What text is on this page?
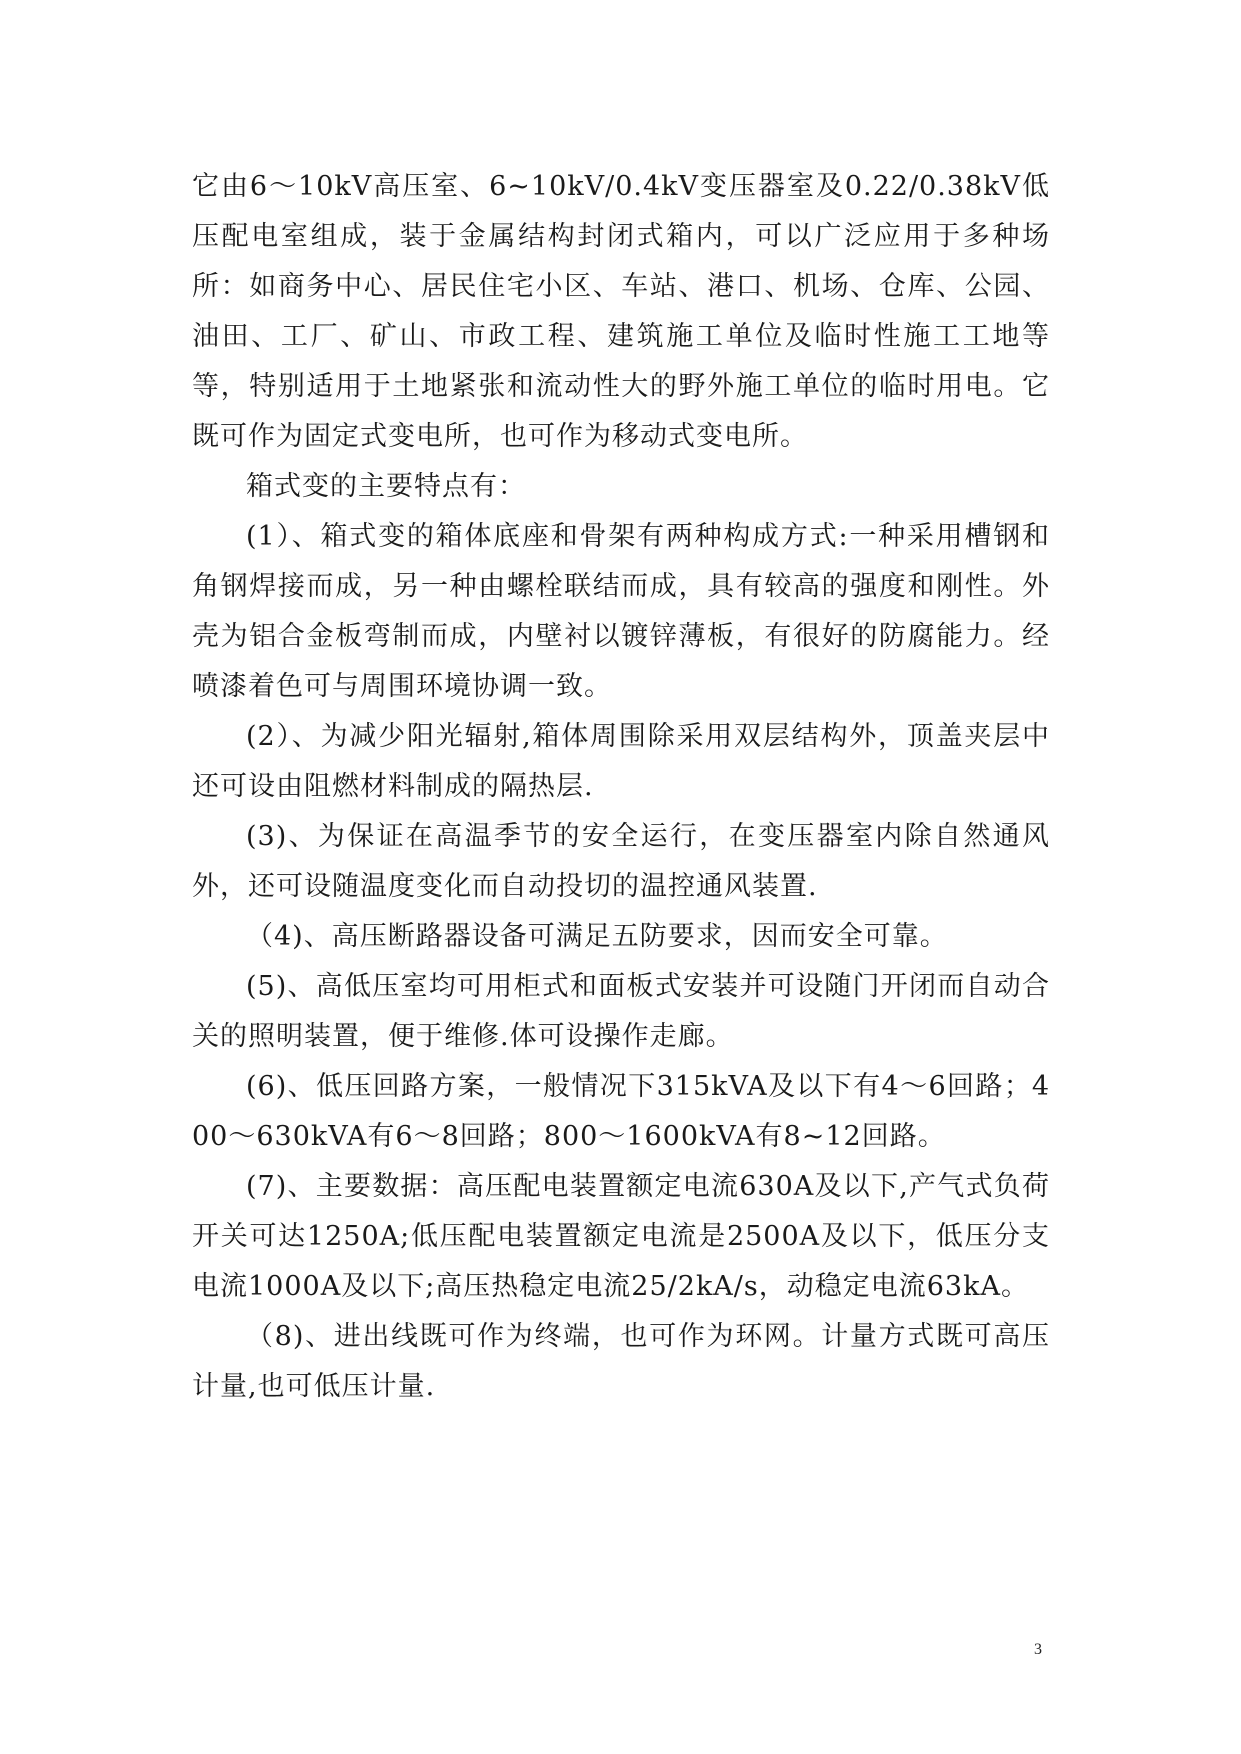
它由6～10kV高压室、6~10kV/0.4kV变压器室及0.22/0.38kV低压配电室组成，装于金属结构封闭式箱内，可以广泛应用于多种场所：如商务中心、居民住宅小区、车站、港口、机场、仓库、公园、油田、工厂、矿山、市政工程、建筑施工单位及临时性施工工地等等，特别适用于土地紧张和流动性大的野外施工单位的临时用电。它既可作为固定式变电所，也可作为移动式变电所。

箱式变的主要特点有：

(1）、箱式变的箱体底座和骨架有两种构成方式:一种采用槽钢和角钢焊接而成，另一种由螺栓联结而成，具有较高的强度和刚性。外壳为铝合金板弯制而成，内壁衬以镀锌薄板，有很好的防腐能力。经喷漆着色可与周围环境协调一致。

(2）、为减少阳光辐射,箱体周围除采用双层结构外，顶盖夹层中还可设由阻燃材料制成的隔热层.

(3)、为保证在高温季节的安全运行，在变压器室内除自然通风外，还可设随温度变化而自动投切的温控通风装置.

（4)、高压断路器设备可满足五防要求，因而安全可靠。

(5)、高低压室均可用柜式和面板式安装并可设随门开闭而自动合关的照明装置，便于维修.体可设操作走廊。

(6)、低压回路方案，一般情况下315kVA及以下有4～6回路；400～630kVA有6～8回路；800～1600kVA有8~12回路。

(7)、主要数据：高压配电装置额定电流630A及以下,产气式负荷开关可达1250A;低压配电装置额定电流是2500A及以下，低压分支电流1000A及以下;高压热稳定电流25/2kA/s，动稳定电流63kA。

（8)、进出线既可作为终端，也可作为环网。计量方式既可高压计量,也可低压计量.

3
